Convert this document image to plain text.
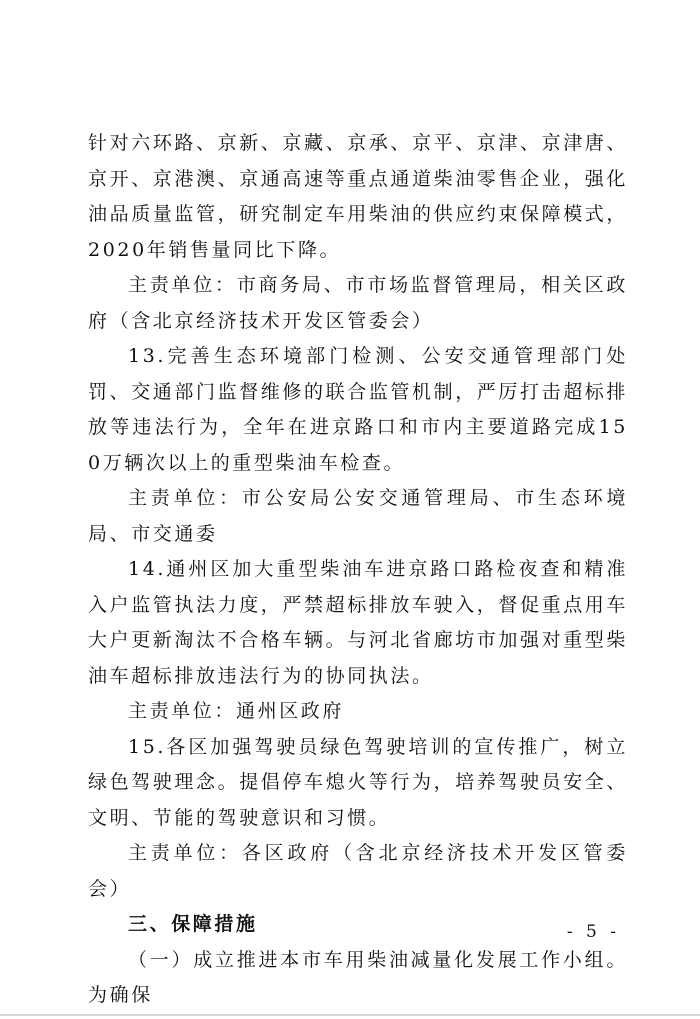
针对六环路、京新、京藏、京承、京平、京津、京津唐、京开、京港澳、京通高速等重点通道柴油零售企业，强化油品质量监管，研究制定车用柴油的供应约束保障模式，2020年销售量同比下降。

主责单位：市商务局、市市场监督管理局，相关区政府（含北京经济技术开发区管委会）

13.完善生态环境部门检测、公安交通管理部门处罚、交通部门监督维修的联合监管机制，严厉打击超标排放等违法行为，全年在进京路口和市内主要道路完成150万辆次以上的重型柴油车检查。

主责单位：市公安局公安交通管理局、市生态环境局、市交通委

14.通州区加大重型柴油车进京路口路检夜查和精准入户监管执法力度，严禁超标排放车驶入，督促重点用车大户更新淘汰不合格车辆。与河北省廊坊市加强对重型柴油车超标排放违法行为的协同执法。

主责单位：通州区政府

15.各区加强驾驶员绿色驾驶培训的宣传推广，树立绿色驾驶理念。提倡停车熄火等行为，培养驾驶员安全、文明、节能的驾驶意识和习惯。

主责单位：各区政府（含北京经济技术开发区管委会）

三、保障措施

（一）成立推进本市车用柴油减量化发展工作小组。为确保

- 5 -
